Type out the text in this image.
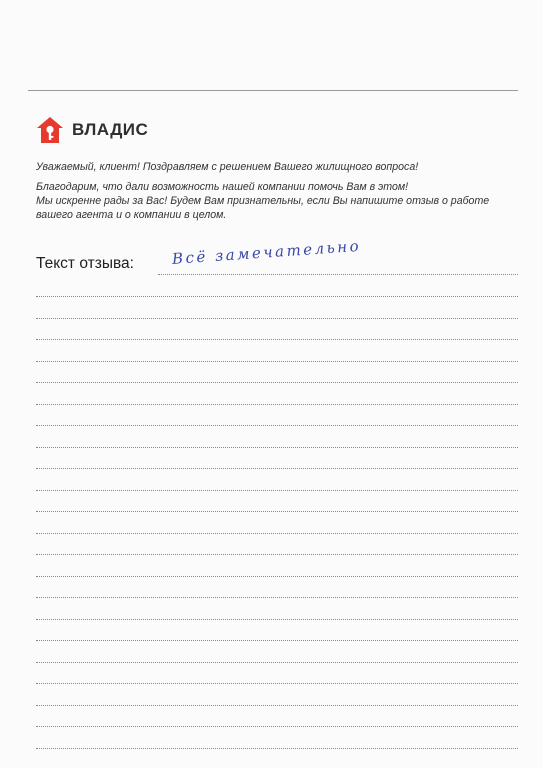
ВЛАДИС

Уважаемый, клиент! Поздравляем с решением Вашего жилищного вопроса!

Благодарим, что дали возможность нашей компании помочь Вам в этом!

Мы искренне рады за Вас! Будем Вам признательны, если Вы напишите отзыв о работе

вашего агента и о компании в целом.

Текст отзыва: Всё замечательно
